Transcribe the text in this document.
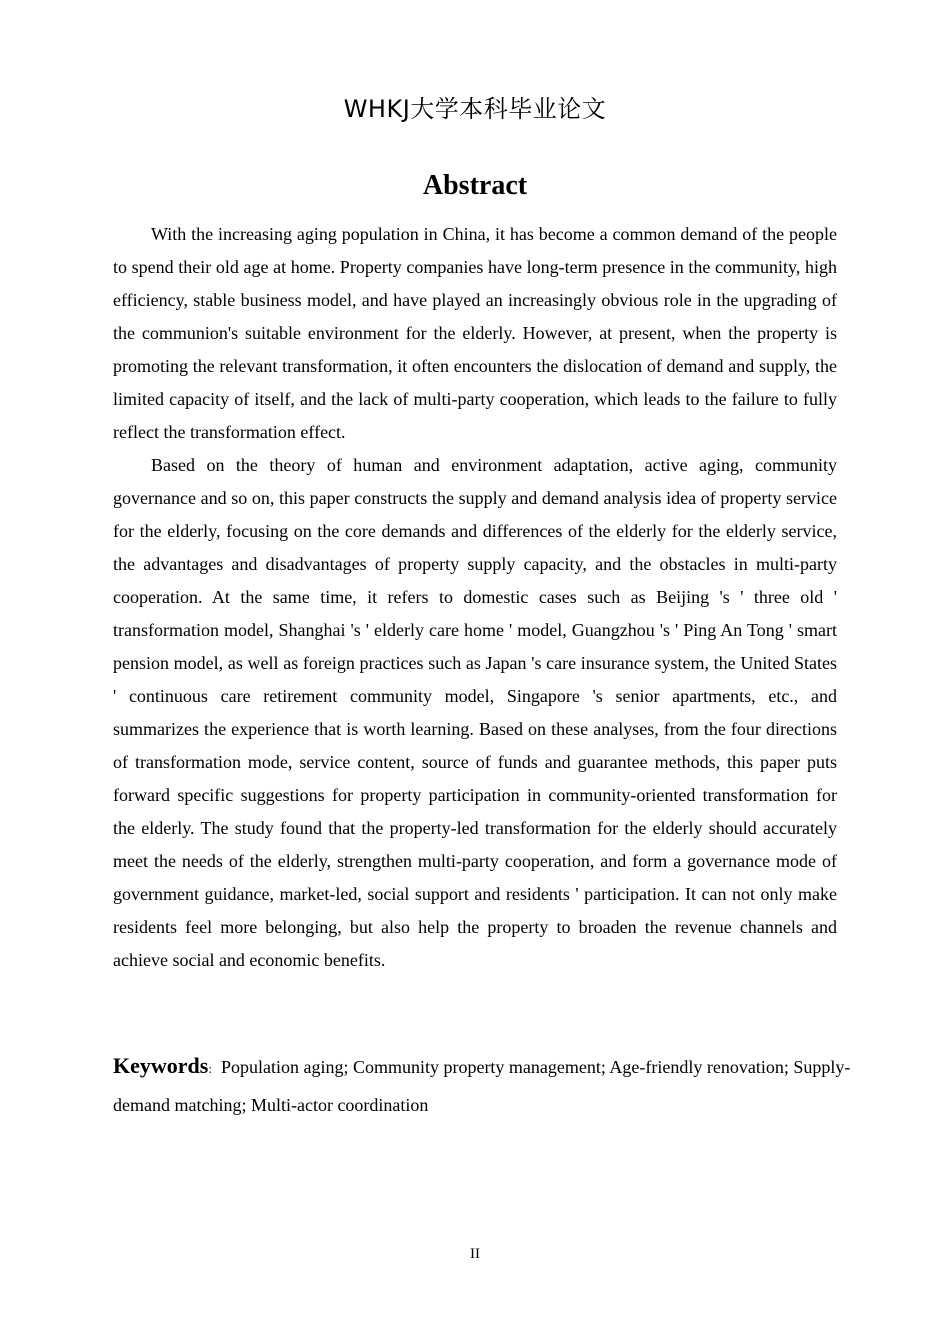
WHKJ大学本科毕业论文
Abstract

With the increasing aging population in China, it has become a common demand of the people to spend their old age at home. Property companies have long-term presence in the community, high efficiency, stable business model, and have played an increasingly obvious role in the upgrading of the communion's suitable environment for the elderly. However, at present, when the property is promoting the relevant transformation, it often encounters the dislocation of demand and supply, the limited capacity of itself, and the lack of multi-party cooperation, which leads to the failure to fully reflect the transformation effect.

Based on the theory of human and environment adaptation, active aging, community governance and so on, this paper constructs the supply and demand analysis idea of property service for the elderly, focusing on the core demands and differences of the elderly for the elderly service, the advantages and disadvantages of property supply capacity, and the obstacles in multi-party cooperation. At the same time, it refers to domestic cases such as Beijing 's ' three old ' transformation model, Shanghai 's ' elderly care home ' model, Guangzhou 's ' Ping An Tong ' smart pension model, as well as foreign practices such as Japan 's care insurance system, the United States ' continuous care retirement community model, Singapore 's senior apartments, etc., and summarizes the experience that is worth learning. Based on these analyses, from the four directions of transformation mode, service content, source of funds and guarantee methods, this paper puts forward specific suggestions for property participation in community-oriented transformation for the elderly. The study found that the property-led transformation for the elderly should accurately meet the needs of the elderly, strengthen multi-party cooperation, and form a governance mode of government guidance, market-led, social support and residents ' participation. It can not only make residents feel more belonging, but also help the property to broaden the revenue channels and achieve social and economic benefits.

Keywords: Population aging; Community property management; Age-friendly renovation; Supply-demand matching; Multi-actor coordination
II
